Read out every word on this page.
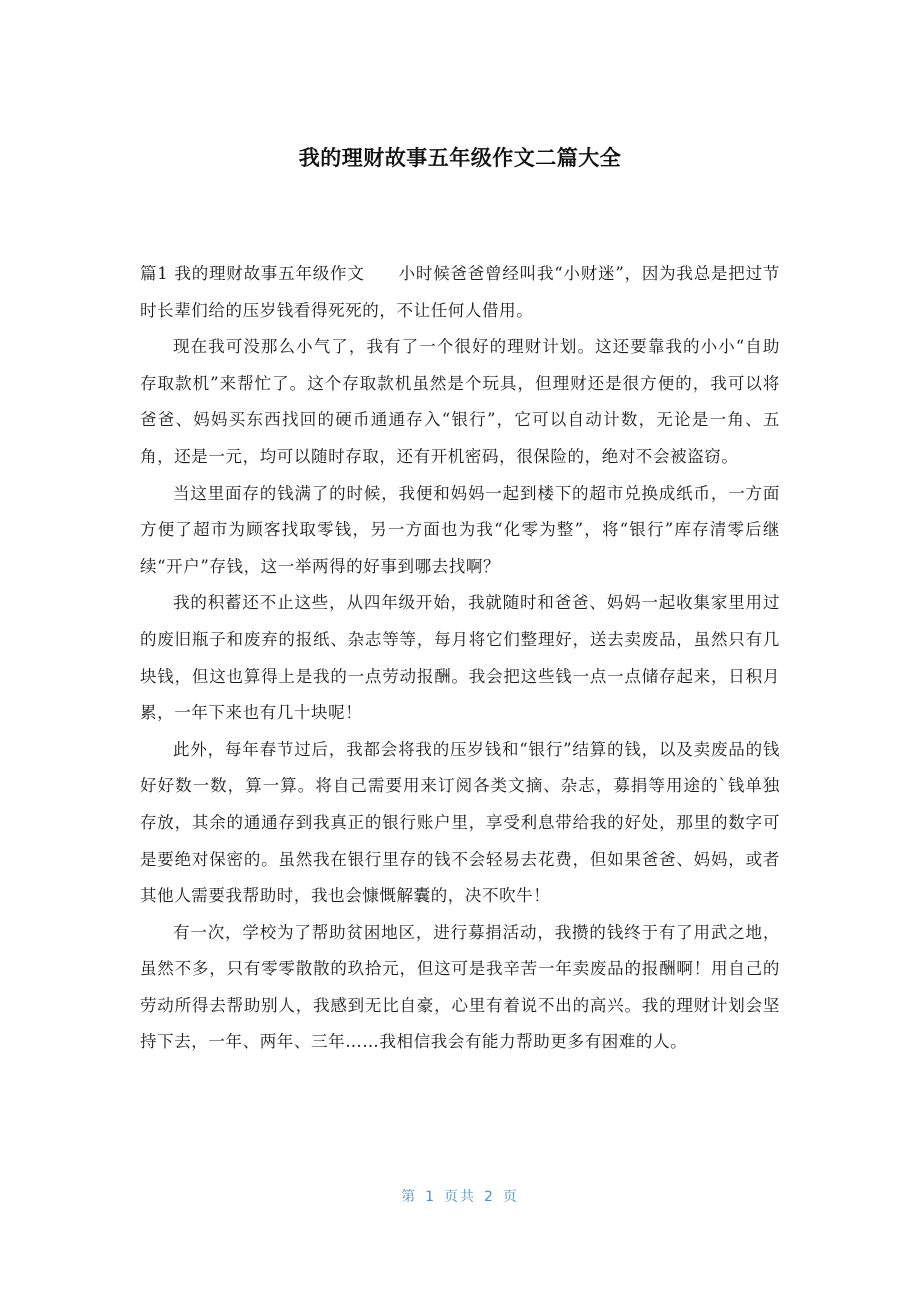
我的理财故事五年级作文二篇大全

篇1 我的理财故事五年级作文 小时候爸爸曾经叫我“小财迷”，因为我总是把过节时长辈们给的压岁钱看得死死的，不让任何人借用。

现在我可没那么小气了，我有了一个很好的理财计划。这还要靠我的小小“自助存取款机”来帮忙了。这个存取款机虽然是个玩具，但理财还是很方便的，我可以将爸爸、妈妈买东西找回的硬币通通存入“银行”，它可以自动计数，无论是一角、五角，还是一元，均可以随时存取，还有开机密码，很保险的，绝对不会被盗窃。

当这里面存的钱满了的时候，我便和妈妈一起到楼下的超市兑换成纸币，一方面方便了超市为顾客找取零钱，另一方面也为我“化零为整”，将“银行”库存清零后继续“开户”存钱，这一举两得的好事到哪去找啊？

我的积蓄还不止这些，从四年级开始，我就随时和爸爸、妈妈一起收集家里用过的废旧瓶子和废弃的报纸、杂志等等，每月将它们整理好，送去卖废品，虽然只有几块钱，但这也算得上是我的一点劳动报酬。我会把这些钱一点一点储存起来，日积月累，一年下来也有几十块呢！

此外，每年春节过后，我都会将我的压岁钱和“银行”结算的钱，以及卖废品的钱好好数一数，算一算。将自己需要用来订阅各类文摘、杂志，募捐等用途的`钱单独存放，其余的通通存到我真正的银行账户里，享受利息带给我的好处，那里的数字可是要绝对保密的。虽然我在银行里存的钱不会轻易去花费，但如果爸爸、妈妈，或者其他人需要我帮助时，我也会慷慨解囊的，决不吹牛！

有一次，学校为了帮助贫困地区，进行募捐活动，我攒的钱终于有了用武之地，虽然不多，只有零零散散的玖拾元，但这可是我辛苦一年卖废品的报酬啊！用自己的劳动所得去帮助别人，我感到无比自豪，心里有着说不出的高兴。我的理财计划会坚持下去，一年、两年、三年……我相信我会有能力帮助更多有困难的人。

第 1 页共 2 页
